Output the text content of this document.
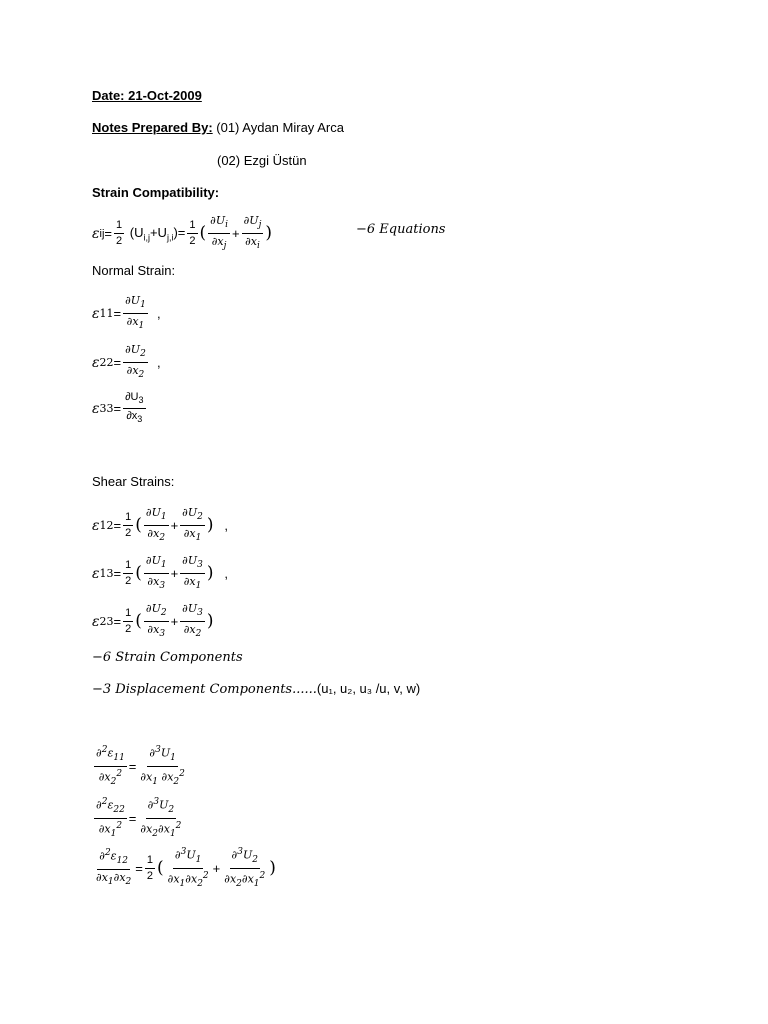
Date: 21-Oct-2009
Notes Prepared By: (01) Aydan Miray Arca
(02) Ezgi Üstün
Strain Compatibility:
ε ij = $\frac{1}{2} (U_{i,j}+U_{j,i})= \frac{1}{2}$ ( $\frac{\partial U_i}{\partial x_j} + \frac{\partial U_j}{\partial x_i}$ )	−6 Equations
Normal Strain:
ε $11 = \frac{\partial U_1}{\partial x_1}$ ,
ε $22 = \frac{\partial U_2}{\partial x_2}$ ,
ε $33 = \frac{\partial U_3}{\partial x_3}$
Shear Strains:
ε $12 = \frac{1}{2}$ ( $\frac{\partial U_1}{\partial x_2} + \frac{\partial U_2}{\partial x_1}$ ) ,
ε $13 = \frac{1}{2}$ ( $\frac{\partial U_1}{\partial x_3} + \frac{\partial U_3}{\partial x_1}$ ) ,
ε $23 = \frac{1}{2}$ ( $\frac{\partial U_2}{\partial x_3} + \frac{\partial U_3}{\partial x_2}$ )
−6 Strain Components
−3 Displacement Components......(u₁, u₂, u₃ /u, v, w)
$\frac{\partial^2\varepsilon_{11}}{\partial x_2^2} = \frac{\partial^3U_1}{\partial x_1 \partial x_2^2}$
$\frac{\partial^2\varepsilon_{22}}{\partial x_1^2} = \frac{\partial^3U_2}{\partial x_2\partial x_1^2}$
$\frac{\partial^2\varepsilon_{12}}{\partial x_1\partial x_2} = \frac{1}{2}$ ( $\frac{\partial^3U_1}{\partial x_1\partial x_2^2} + \frac{\partial^3U_2}{\partial x_2\partial x_1^2}$ )
